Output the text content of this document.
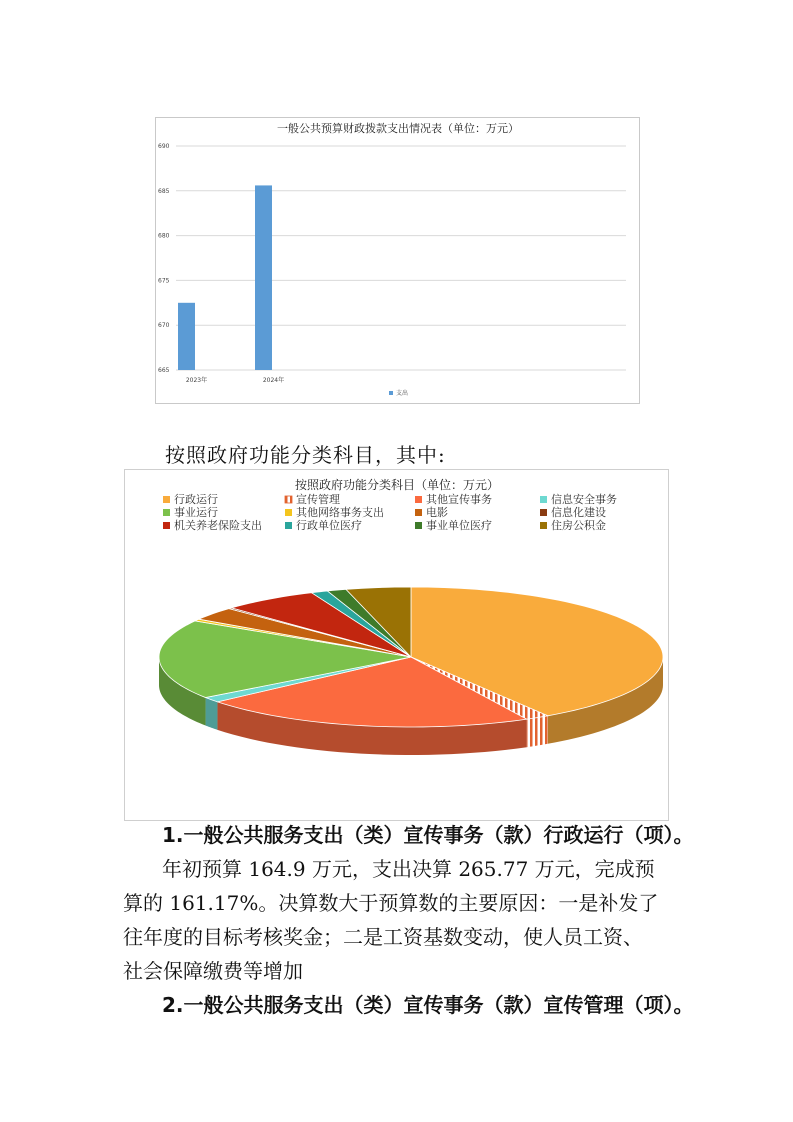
一般公共预算财政拨款支出情况表（单位：万元）
665
670
675
680
685
690
2023年	2024年
支出
按照政府功能分类科目，其中:
按照政府功能分类科目（单位：万元）
行政运行	宣传管理	其他宣传事务	信息安全事务
事业运行	其他网络事务支出	电影	信息化建设
机关养老保险支出	行政单位医疗	事业单位医疗	住房公积金
1.一般公共服务支出（类）宣传事务（款）行政运行（项）。
年初预算 164.9 万元，支出决算 265.77 万元，完成预
算的 161.17%。决算数大于预算数的主要原因：一是补发了
往年度的目标考核奖金；二是工资基数变动，使人员工资、
社会保障缴费等增加
2.一般公共服务支出（类）宣传事务（款）宣传管理（项）。
